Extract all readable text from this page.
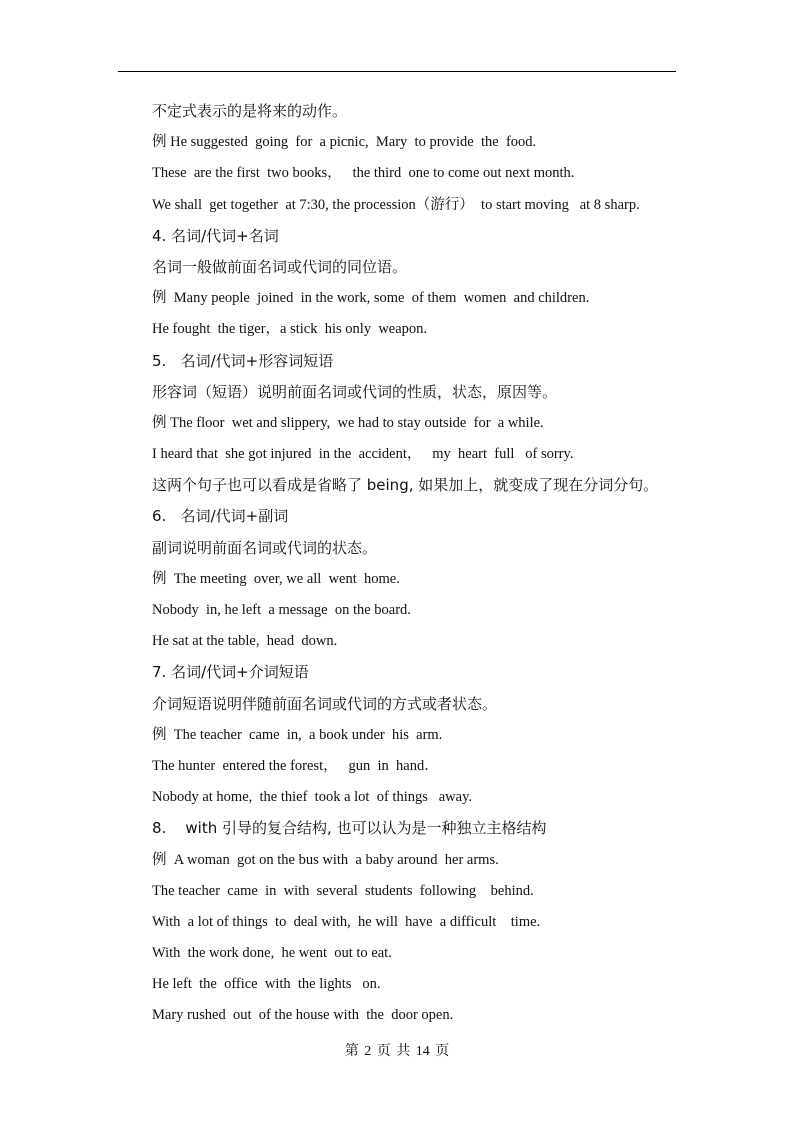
不定式表示的是将来的动作。
例 He suggested  going  for  a picnic,  Mary  to provide  the  food.
These  are the first  two books，   the third  one to come out next month.
We shall  get together  at 7:30, the procession（游行）  to start moving   at 8 sharp.
4. 名词/代词+名词
名词一般做前面名词或代词的同位语。
例  Many people  joined  in the work, some  of them  women  and children.
He fought  the tiger，a stick  his only  weapon.
5.   名词/代词+形容词短语
形容词（短语）说明前面名词或代词的性质，状态，原因等。
例 The floor  wet and slippery,  we had to stay outside  for  a while.
I heard that  she got injured  in the  accident，   my  heart  full   of sorry.
这两个句子也可以看成是省略了 being, 如果加上，就变成了现在分词分句。
6.   名词/代词+副词
副词说明前面名词或代词的状态。
例  The meeting  over, we all  went  home.
Nobody  in, he left  a message  on the board.
He sat at the table,  head  down.
7. 名词/代词+介词短语
介词短语说明伴随前面名词或代词的方式或者状态。
例  The teacher  came  in,  a book under  his  arm.
The hunter  entered the forest，   gun  in  hand．
Nobody at home,  the thief  took a lot  of things   away.
8.    with 引导的复合结构, 也可以认为是一种独立主格结构
例  A woman  got on the bus with  a baby around  her arms.
The teacher  came  in  with  several  students  following    behind.
With  a lot of things  to  deal with,  he will  have  a difficult    time.
With  the work done,  he went  out to eat.
He left  the  office  with  the lights   on.
Mary rushed  out  of the house with  the  door open.
第 2 页 共 14 页
